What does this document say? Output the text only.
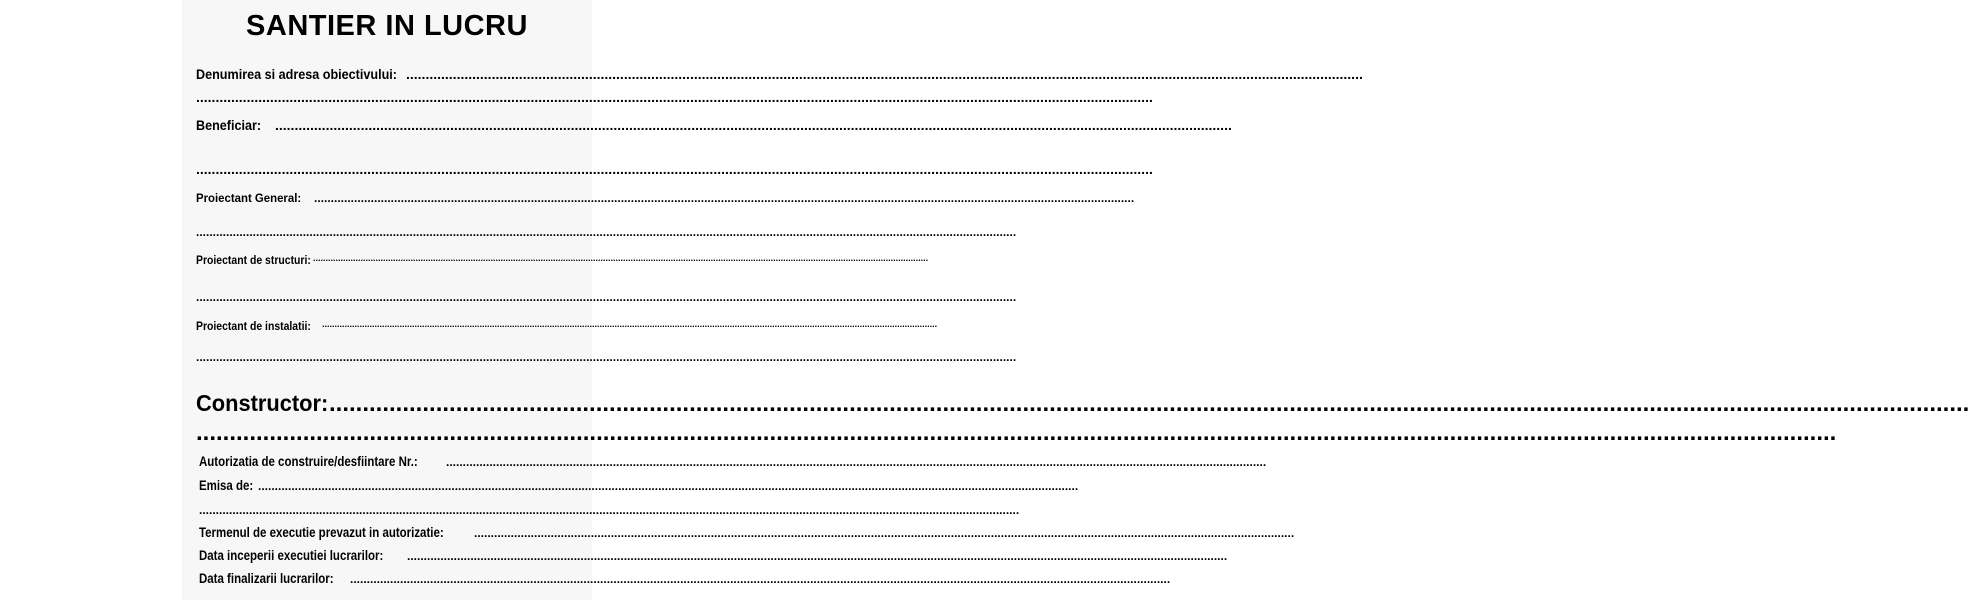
SANTIER IN LUCRU
Denumirea si adresa obiectivului: ......................................................................................................................................................................................................................................................
......................................................................................................................................................................................................................................................
Beneficiar: ......................................................................................................................................................................................................................................................
......................................................................................................................................................................................................................................................
Proiectant General: ......................................................................................................................................................................................................................................................
......................................................................................................................................................................................................................................................
Proiectant de structuri: ......................................................................................................................................................................................................................................................
......................................................................................................................................................................................................................................................
Proiectant de instalatii: ......................................................................................................................................................................................................................................................
......................................................................................................................................................................................................................................................
Constructor: ......................................................................................................................................................................................................................................................
......................................................................................................................................................................................................................................................
Autorizatia de construire/desfiintare Nr.: ......................................................................................................................................................................................................................................................
Emisa de: ......................................................................................................................................................................................................................................................
......................................................................................................................................................................................................................................................
Termenul de executie prevazut in autorizatie:	......................................................................................................................................................................................................................................................
Data inceperii executiei lucrarilor: ......................................................................................................................................................................................................................................................
Data finalizarii lucrarilor: ......................................................................................................................................................................................................................................................
